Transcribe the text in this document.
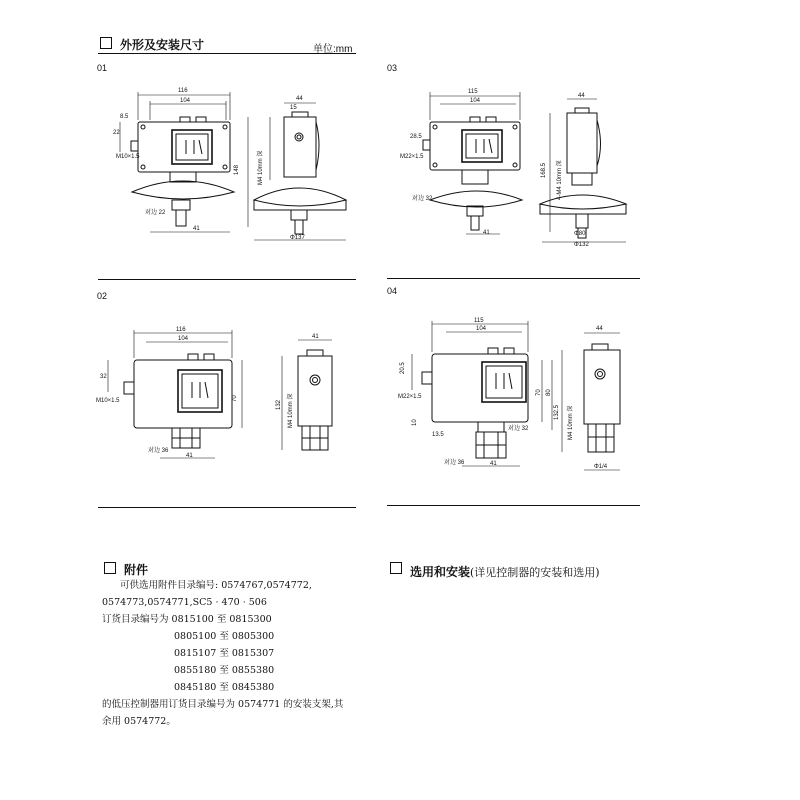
外形及安装尺寸	单位:mm
01	03
02	04
116
104
22
M10×1.5
对边 22
41
8.5
44
15
148	M4 10mm 深
Φ137
115
104
28.5
M22×1.5
对边 32
41
44
168.5	4-M4 10mm 深
Φ80
Φ132
116
104
32
M10×1.5
对边 36
41
70
41
132	M4 10mm 深
115
104
20.5
M22×1.5
13.5
10
对边 36
对边 32
41
70 80
44
132.5	M4 10mm 深
Φ1/4
附件
可供选用附件目录编号: 0574767,0574772,
0574773,0574771,SC5 · 470 · 506
订货目录编号为 0815100 至 0815300
0805100 至 0805300
0815107 至 0815307
0855180 至 0855380
0845180 至 0845380
的低压控制器用订货目录编号为 0574771 的安装支架,其
余用 0574772。
选用和安装(详见控制器的安装和选用)
